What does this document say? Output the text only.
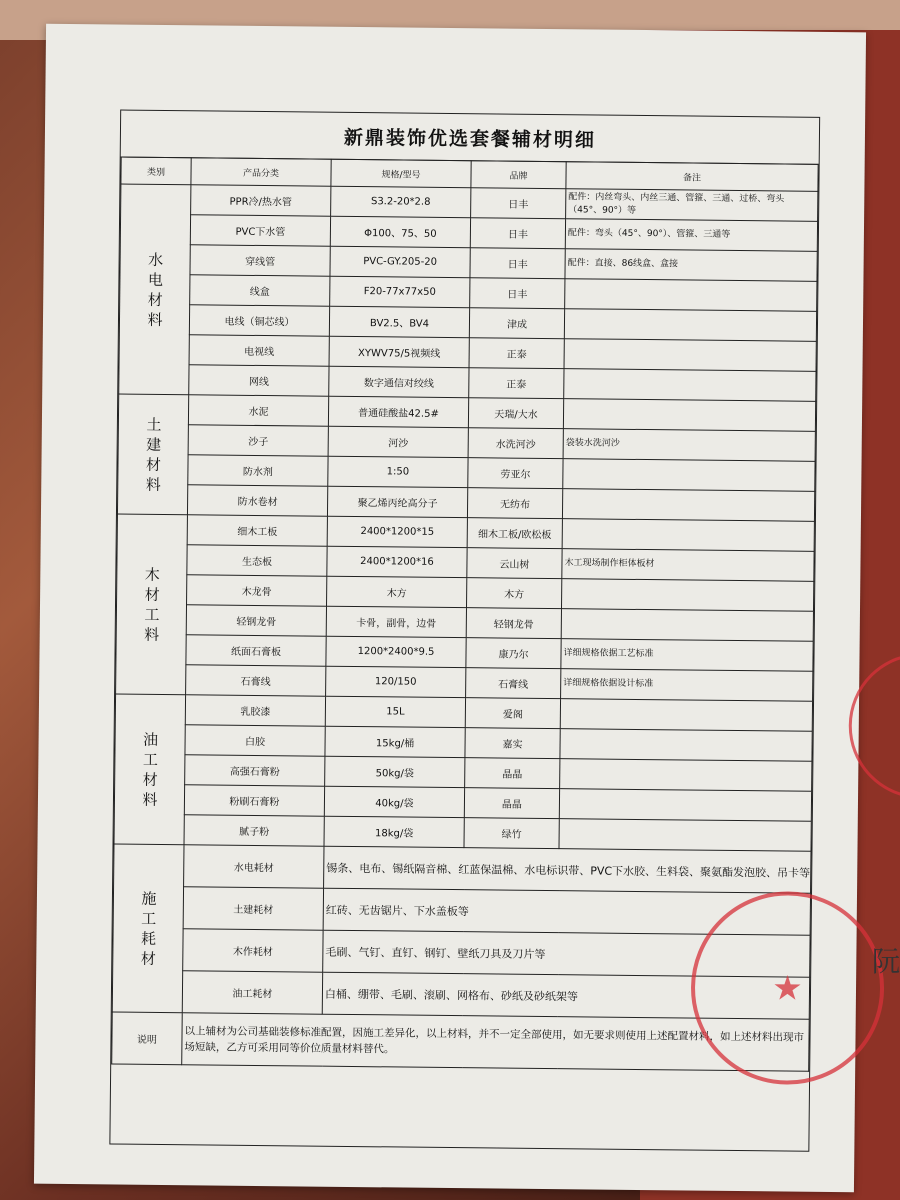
新鼎装饰优选套餐辅材明细
类别	产品分类	规格/型号	品牌	备注
水电材料	PPR冷/热水管	S3.2-20*2.8	日丰	配件：内丝弯头、内丝三通、管箍、三通、过桥、弯头（45°、90°）等
	PVC下水管	Φ100、75、50	日丰	配件：弯头（45°、90°）、管箍、三通等
	穿线管	PVC-GY.205-20	日丰	配件：直接、86线盒、盒接
	线盒	F20-77x77x50	日丰	
	电线（铜芯线）	BV2.5、BV4	津成	
	电视线	XYWV75/5视频线	正泰	
	网线	数字通信对绞线	正泰	
土建材料	水泥	普通硅酸盐42.5#	天瑞/大水	
	沙子	河沙	水洗河沙	袋装水洗河沙
	防水剂	1:50	劳亚尔	
	防水卷材	聚乙烯丙纶高分子	无纺布	
木材工料	细木工板	2400*1200*15	细木工板/欧松板	
	生态板	2400*1200*16	云山树	木工现场制作柜体板材
	木龙骨	木方	木方	
	轻钢龙骨	卡骨，副骨，边骨	轻钢龙骨	
	纸面石膏板	1200*2400*9.5	康乃尔	详细规格依据工艺标准
	石膏线	120/150	石膏线	详细规格依据设计标准
油工材料	乳胶漆	15L	爱阁	
	白胶	15kg/桶	嘉实	
	高强石膏粉	50kg/袋	晶晶	
	粉刷石膏粉	40kg/袋	晶晶	
	腻子粉	18kg/袋	绿竹	
施工耗材	水电耗材	锡条、电布、锡纸隔音棉、红蓝保温棉、水电标识带、PVC下水胶、生料袋、聚氨酯发泡胶、吊卡等		
	土建耗材	红砖、无齿锯片、下水盖板等		
	木作耗材	毛刷、气钉、直钉、钢钉、壁纸刀具及刀片等		
	油工耗材	白桶、绷带、毛刷、滚刷、网格布、砂纸及砂纸架等		
说明	以上辅材为公司基础装修标准配置，因施工差异化，以上材料，并不一定全部使用，如无要求则使用上述配置材料，如上述材料出现市场短缺，乙方可采用同等价位质量材料替代。			
★
阮
